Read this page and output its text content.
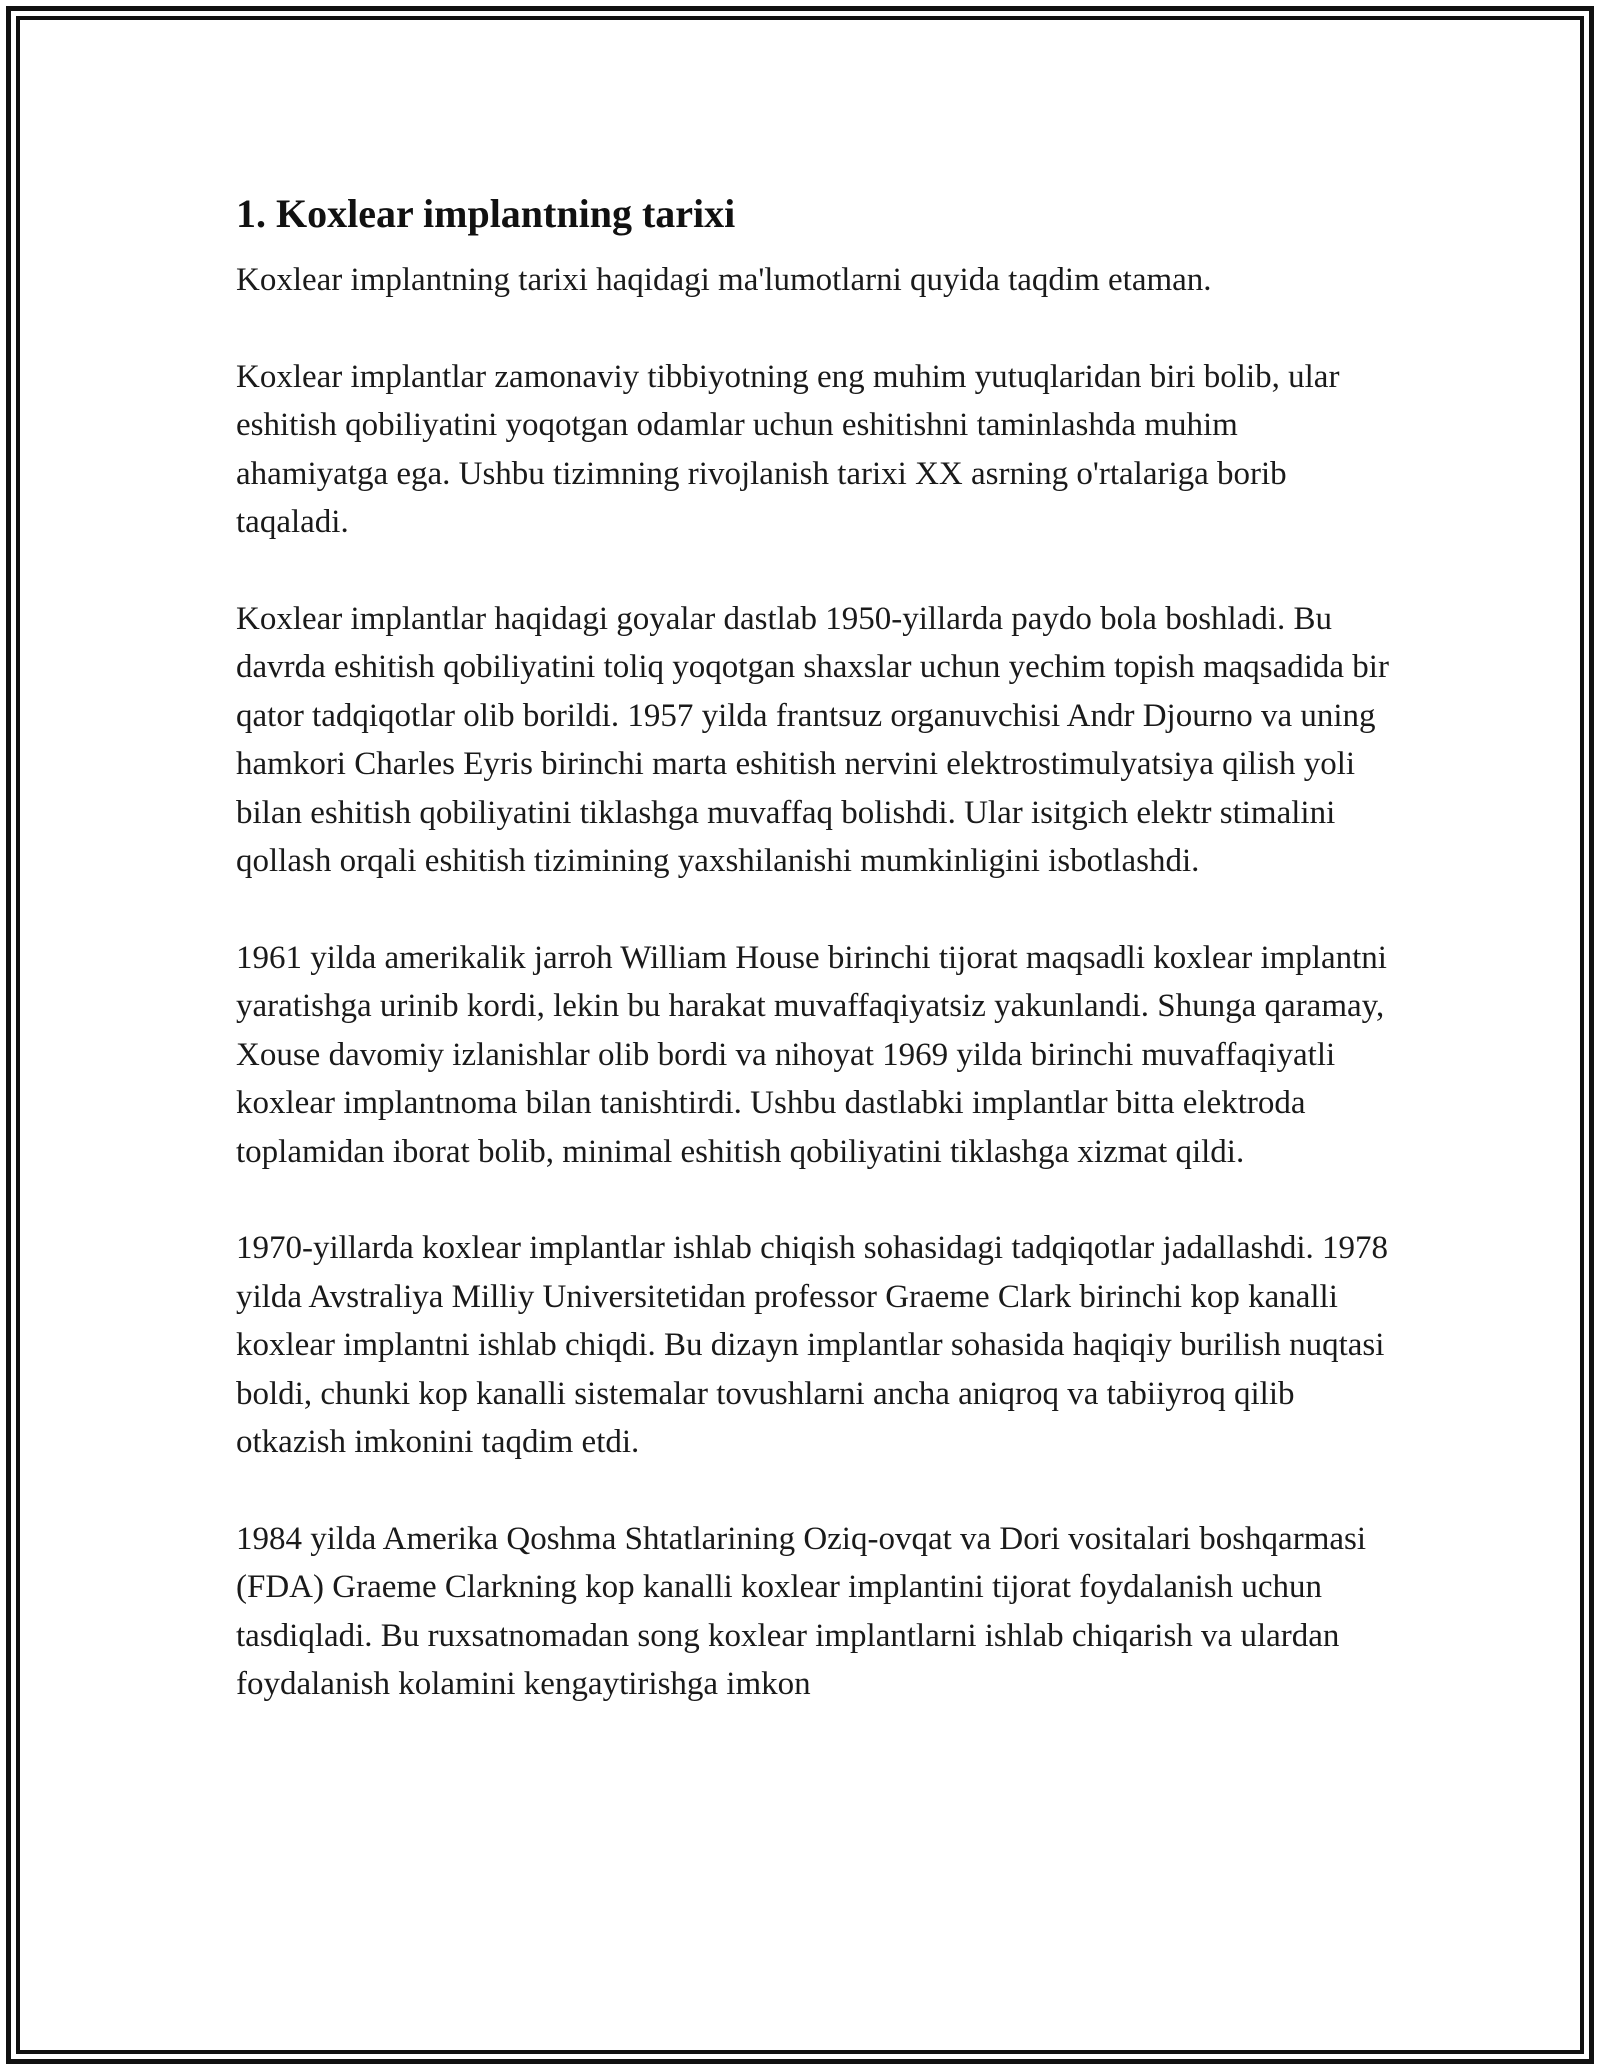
1. Koxlear implantning tarixi

Koxlear implantning tarixi haqidagi ma'lumotlarni quyida taqdim etaman.

Koxlear implantlar zamonaviy tibbiyotning eng muhim yutuqlaridan biri bolib, ular eshitish qobiliyatini yoqotgan odamlar uchun eshitishni taminlashda muhim ahamiyatga ega. Ushbu tizimning rivojlanish tarixi XX asrning o'rtalariga borib taqaladi.

Koxlear implantlar haqidagi goyalar dastlab 1950-yillarda paydo bola boshladi. Bu davrda eshitish qobiliyatini toliq yoqotgan shaxslar uchun yechim topish maqsadida bir qator tadqiqotlar olib borildi. 1957 yilda frantsuz organuvchisi Andr Djourno va uning hamkori Charles Eyris birinchi marta eshitish nervini elektrostimulyatsiya qilish yoli bilan eshitish qobiliyatini tiklashga muvaffaq bolishdi. Ular isitgich elektr stimalini qollash orqali eshitish tizimining yaxshilanishi mumkinligini isbotlashdi.

1961 yilda amerikalik jarroh William House birinchi tijorat maqsadli koxlear implantni yaratishga urinib kordi, lekin bu harakat muvaffaqiyatsiz yakunlandi. Shunga qaramay, Xouse davomiy izlanishlar olib bordi va nihoyat 1969 yilda birinchi muvaffaqiyatli koxlear implantnoma bilan tanishtirdi. Ushbu dastlabki implantlar bitta elektroda toplamidan iborat bolib, minimal eshitish qobiliyatini tiklashga xizmat qildi.

1970-yillarda koxlear implantlar ishlab chiqish sohasidagi tadqiqotlar jadallashdi. 1978 yilda Avstraliya Milliy Universitetidan professor Graeme Clark birinchi kop kanalli koxlear implantni ishlab chiqdi. Bu dizayn implantlar sohasida haqiqiy burilish nuqtasi boldi, chunki kop kanalli sistemalar tovushlarni ancha aniqroq va tabiiyroq qilib otkazish imkonini taqdim etdi.

1984 yilda Amerika Qoshma Shtatlarining Oziq-ovqat va Dori vositalari boshqarmasi (FDA) Graeme Clarkning kop kanalli koxlear implantini tijorat foydalanish uchun tasdiqladi. Bu ruxsatnomadan song koxlear implantlarni ishlab chiqarish va ulardan foydalanish kolamini kengaytirishga imkon
